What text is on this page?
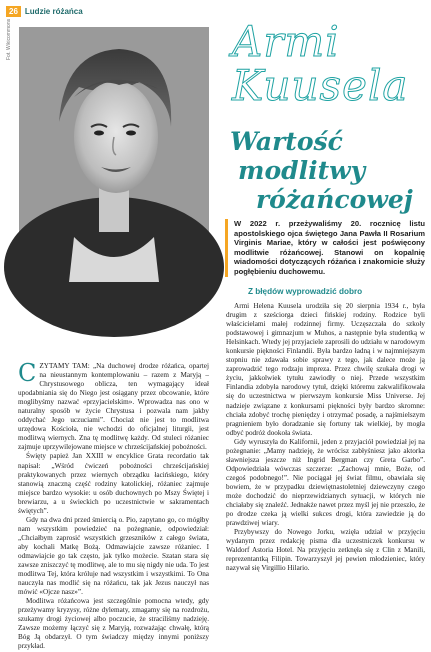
26 Ludzie różańca
Fot. Wikicommons	Armi
Kuusela
Wartość
modlitwy
różańcowej

W 2022 r. przeżywaliśmy 20. rocznicę listu apostolskiego ojca świętego Jana Pawła II Rosarium Virginis Mariae, który w całości jest poświęcony modlitwie różańcowej. Stanowi on kopalnię wiadomości dotyczących różańca i znakomicie służy pogłębieniu duchowemu.

C ZYTAMY TAM: „Na duchowej drodze różańca, opartej na nieustannym kontemplowaniu – razem z Maryją – Chrystusowego oblicza, ten wymagający ideał upodabniania się do Niego jest osiągany przez obcowanie, które moglibyśmy nazwać «przyjacielskim». Wprowadza nas ono w naturalny sposób w życie Chrystusa i pozwala nam jakby oddychać Jego uczuciami”. Chociaż nie jest to modlitwa urzędowa Kościoła, nie wchodzi do oficjalnej liturgii, jest modlitwą wiernych. Zna tę modlitwę każdy. Od stuleci różaniec zajmuje uprzywilejowane miejsce w chrześcijańskiej pobożności.

Święty papież Jan XXIII w encyklice Grata recordatio tak napisał: „Wśród ćwiczeń pobożności chrześcijańskiej praktykowanych przez wiernych obrządku łacińskiego, który stanowią znaczną część rodziny katolickiej, różaniec zajmuje miejsce bardzo wysokie: u osób duchownych po Mszy Świętej i brewiarzu, a u świeckich po uczestnictwie w sakramentach świętych”.

Gdy na dwa dni przed śmiercią o. Pio, zapytano go, co mógłby nam wszystkim powiedzieć na pożegnanie, odpowiedział: „Chciałbym zaprosić wszystkich grzeszników z całego świata, aby kochali Matkę Bożą. Odmawiajcie zawsze różaniec. I odmawiajcie go tak często, jak tylko możecie. Szatan stara się zawsze zniszczyć tę modlitwę, ale to mu się nigdy nie uda. To jest modlitwa Tej, która króluje nad wszystkim i wszystkimi. To Ona nauczyła nas modlić się na różańcu, tak jak Jezus nauczył nas mówić «Ojcze nasz»”.

Modlitwa różańcowa jest szczególnie pomocna wtedy, gdy przeżywamy kryzysy, różne dylematy, zmagamy się na rozdrożu, szukamy drogi życiowej albo poczucie, że straciliśmy nadzieję. Zawsze możemy łączyć się z Maryją, rozważając chwałę, którą Bóg Ją obdarzył. O tym świadczy między innymi poniższy przykład.

Z błędów wyprowadzić dobro

Armi Helena Kuusela urodziła się 20 sierpnia 1934 r., była drugim z sześciorga dzieci fińskiej rodziny. Rodzice byli właścicielami małej rodzinnej firmy. Uczęszczała do szkoły podstawowej i gimnazjum w Muhos, a następnie była studentką w Helsinkach. Wtedy jej przyjaciele zaprosili do udziału w narodowym konkursie piękności Finlandii. Była bardzo ładną i w najmniejszym stopniu nie zdawała sobie sprawy z tego, jak dalece może ją zaprowadzić tego rodzaju impreza. Przez chwilę szukała drogi w życiu, jakkolwiek tytułu zawiodły o niej. Przede wszystkim Finlandia zdobyła narodowy tytuł, dzięki któremu zakwalifikowała się do uczestnictwa w pierwszym konkursie Miss Universe. Jej nadzieje związane z konkursami piękności były bardzo skromne: chciała zdobyć trochę pieniędzy i otrzymać posadę, a najśmielszym pragnieniem było doradzanie się fortuny tak wielkiej, by mogła odbyć podróż dookoła świata.

Gdy wyruszyła do Kalifornii, jeden z przyjaciół powiedział jej na pożegnanie: „Mamy nadzieję, że wrócisz zabłyśniesz jako aktorka sławniejsza jeszcze niż Ingrid Bergman czy Greta Garbo”. Odpowiedziała wówczas szczerze: „Zachowaj mnie, Boże, od czegoś podobnego!”. Nie pociągał jej świat filmu, obawiała się bowiem, że w przypadku dziewiętnastoletniej dziewczyny czego może dochodzić do nieprzewidzianych sytuacji, w których nie chciałaby się znaleźć. Jednakże nawet przez myśl jej nie przeszło, że po drodze czeka ją wielki sukces drogi, która zawiedzie ją do prawdziwej wiary.

Przybywszy do Nowego Jorku, wzięła udział w przyjęciu wydanym przez redakcję pisma dla uczestniczek konkursu w Waldorf Astoria Hotel. Na przyjęciu zetknęła się z Clin z Manili, reprezentantką Filipin. Towarzyszył jej pewien młodzieniec, który nazywał się Virgillio Hilario.
